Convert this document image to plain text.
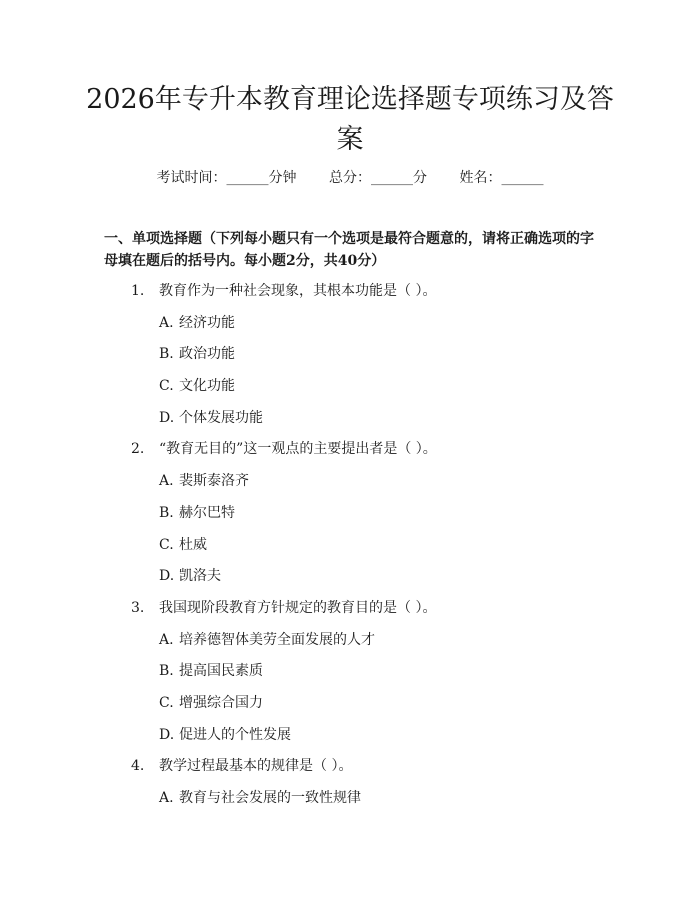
2026年专升本教育理论选择题专项练习及答案
考试时间：______分钟 总分：______分 姓名：______
一、单项选择题（下列每小题只有一个选项是最符合题意的，请将正确选项的字母填在题后的括号内。每小题2分，共40分）
1. 教育作为一种社会现象，其根本功能是（ ）。
A. 经济功能
B. 政治功能
C. 文化功能
D. 个体发展功能
2. “教育无目的”这一观点的主要提出者是（ ）。
A. 裴斯泰洛齐
B. 赫尔巴特
C. 杜威
D. 凯洛夫
3. 我国现阶段教育方针规定的教育目的是（ ）。
A. 培养德智体美劳全面发展的人才
B. 提高国民素质
C. 增强综合国力
D. 促进人的个性发展
4. 教学过程最基本的规律是（ ）。
A. 教育与社会发展的一致性规律
